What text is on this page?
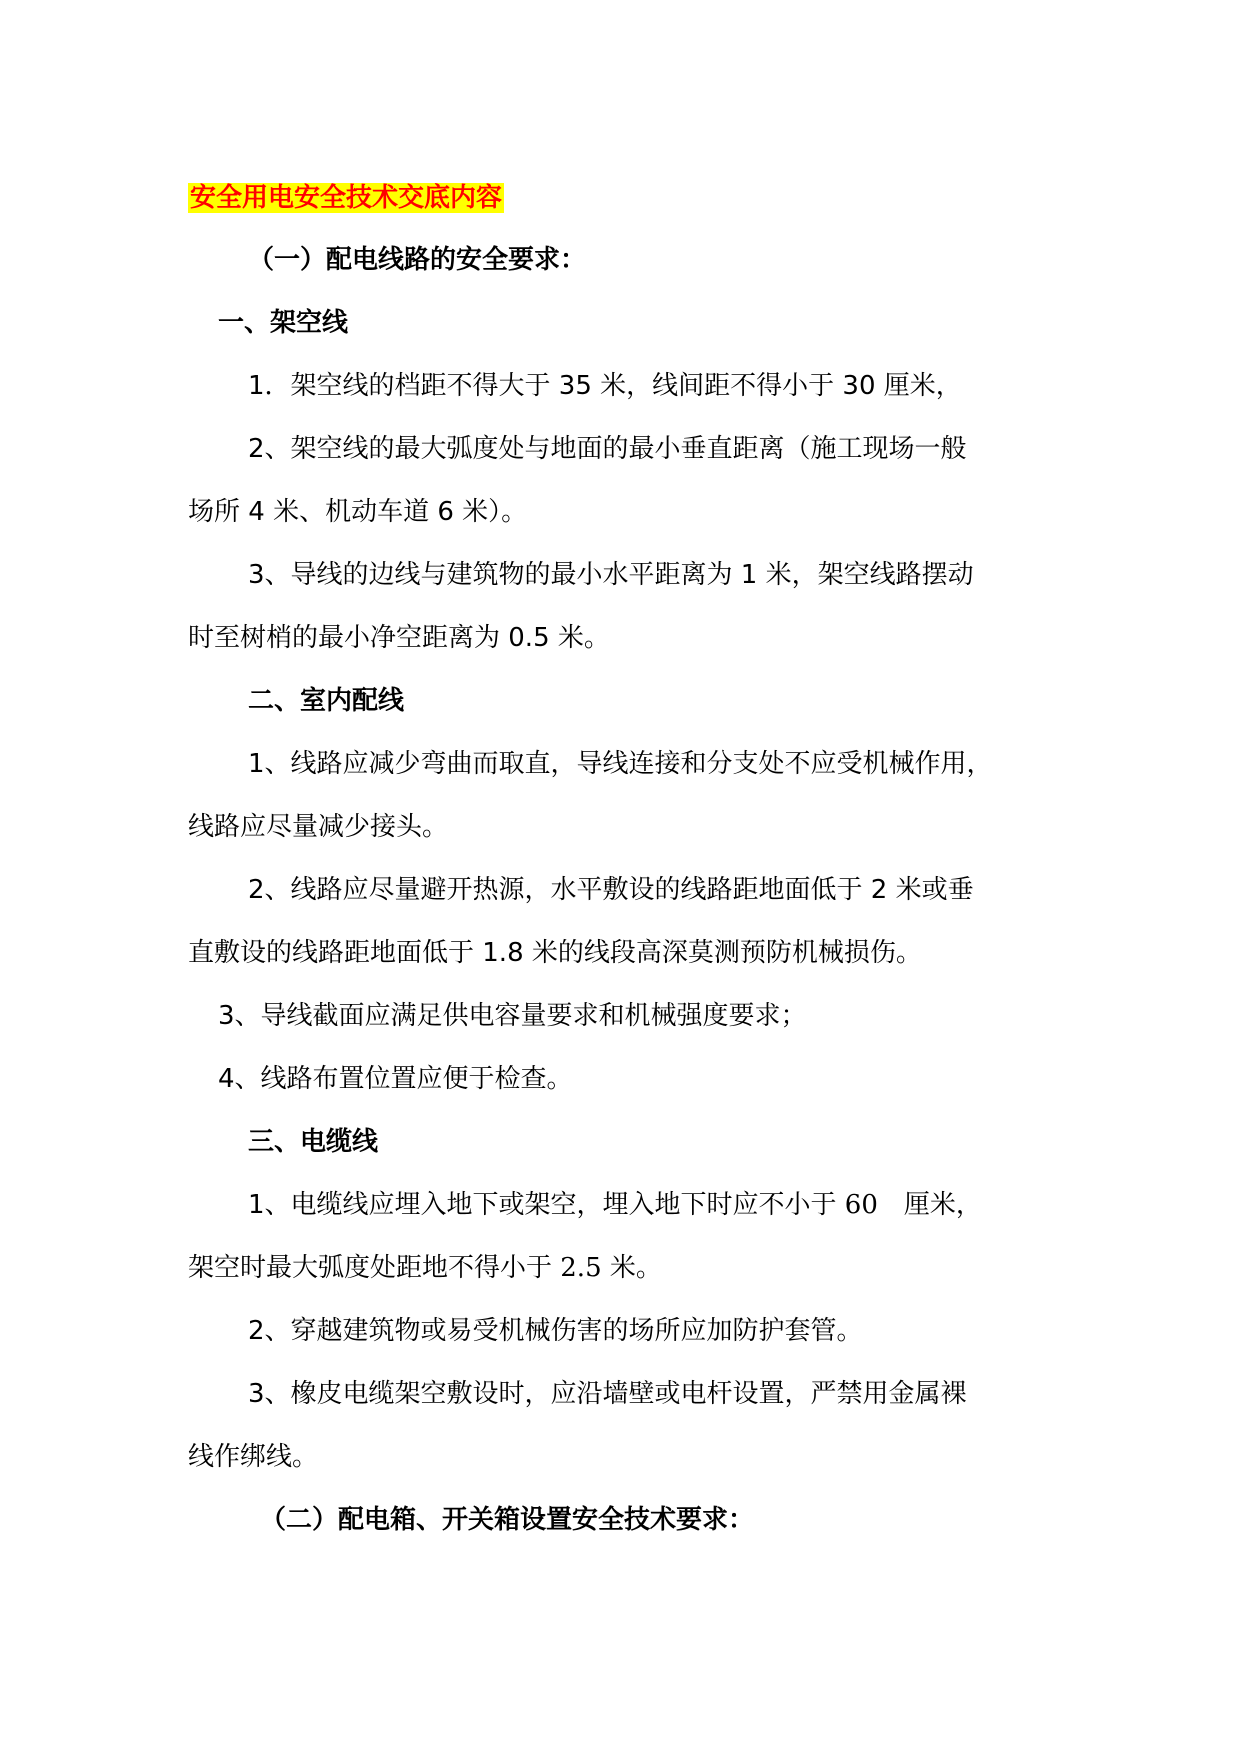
安全用电安全技术交底内容
（一）配电线路的安全要求：
一、架空线
1．架空线的档距不得大于 35 米，线间距不得小于 30 厘米，
2、架空线的最大弧度处与地面的最小垂直距离（施工现场一般
场所 4 米、机动车道 6 米）。
3、导线的边线与建筑物的最小水平距离为 1 米，架空线路摆动
时至树梢的最小净空距离为 0.5 米。
二、室内配线
1、线路应减少弯曲而取直，导线连接和分支处不应受机械作用，
线路应尽量减少接头。
2、线路应尽量避开热源，水平敷设的线路距地面低于 2 米或垂
直敷设的线路距地面低于 1.8 米的线段高深莫测预防机械损伤。
3、导线截面应满足供电容量要求和机械强度要求；
4、线路布置位置应便于检查。
三、电缆线
1、电缆线应埋入地下或架空，埋入地下时应不小于 60　厘米，
架空时最大弧度处距地不得小于 2.5 米。
2、穿越建筑物或易受机械伤害的场所应加防护套管。
3、橡皮电缆架空敷设时，应沿墙壁或电杆设置，严禁用金属裸
线作绑线。
（二）配电箱、开关箱设置安全技术要求：
